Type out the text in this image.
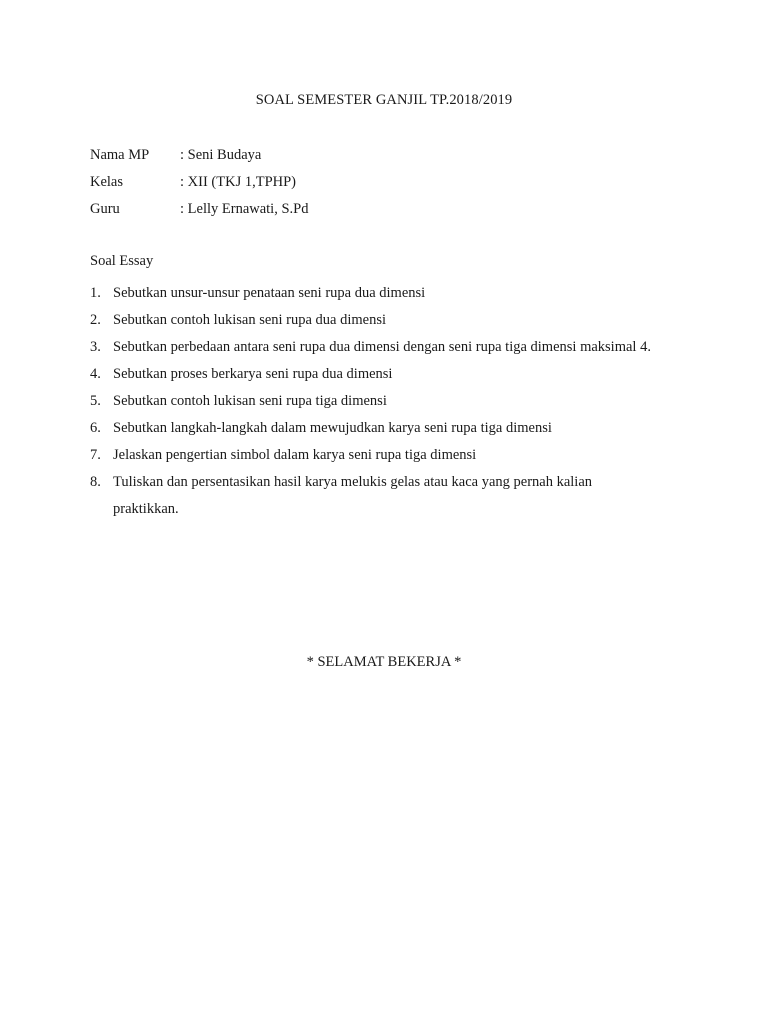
SOAL SEMESTER GANJIL TP.2018/2019
Nama MP	: Seni Budaya
Kelas	: XII (TKJ 1,TPHP)
Guru	: Lelly Ernawati, S.Pd
Soal Essay
1. Sebutkan unsur-unsur penataan seni rupa dua dimensi
2. Sebutkan contoh lukisan seni rupa dua dimensi
3. Sebutkan perbedaan antara seni rupa dua dimensi dengan seni rupa tiga dimensi maksimal 4.
4. Sebutkan proses berkarya seni rupa dua dimensi
5. Sebutkan contoh lukisan seni rupa tiga dimensi
6. Sebutkan langkah-langkah dalam mewujudkan karya seni rupa tiga dimensi
7. Jelaskan pengertian simbol dalam karya seni rupa tiga dimensi
8. Tuliskan dan persentasikan hasil karya melukis gelas atau kaca yang pernah kalian praktikkan.
* SELAMAT BEKERJA *
